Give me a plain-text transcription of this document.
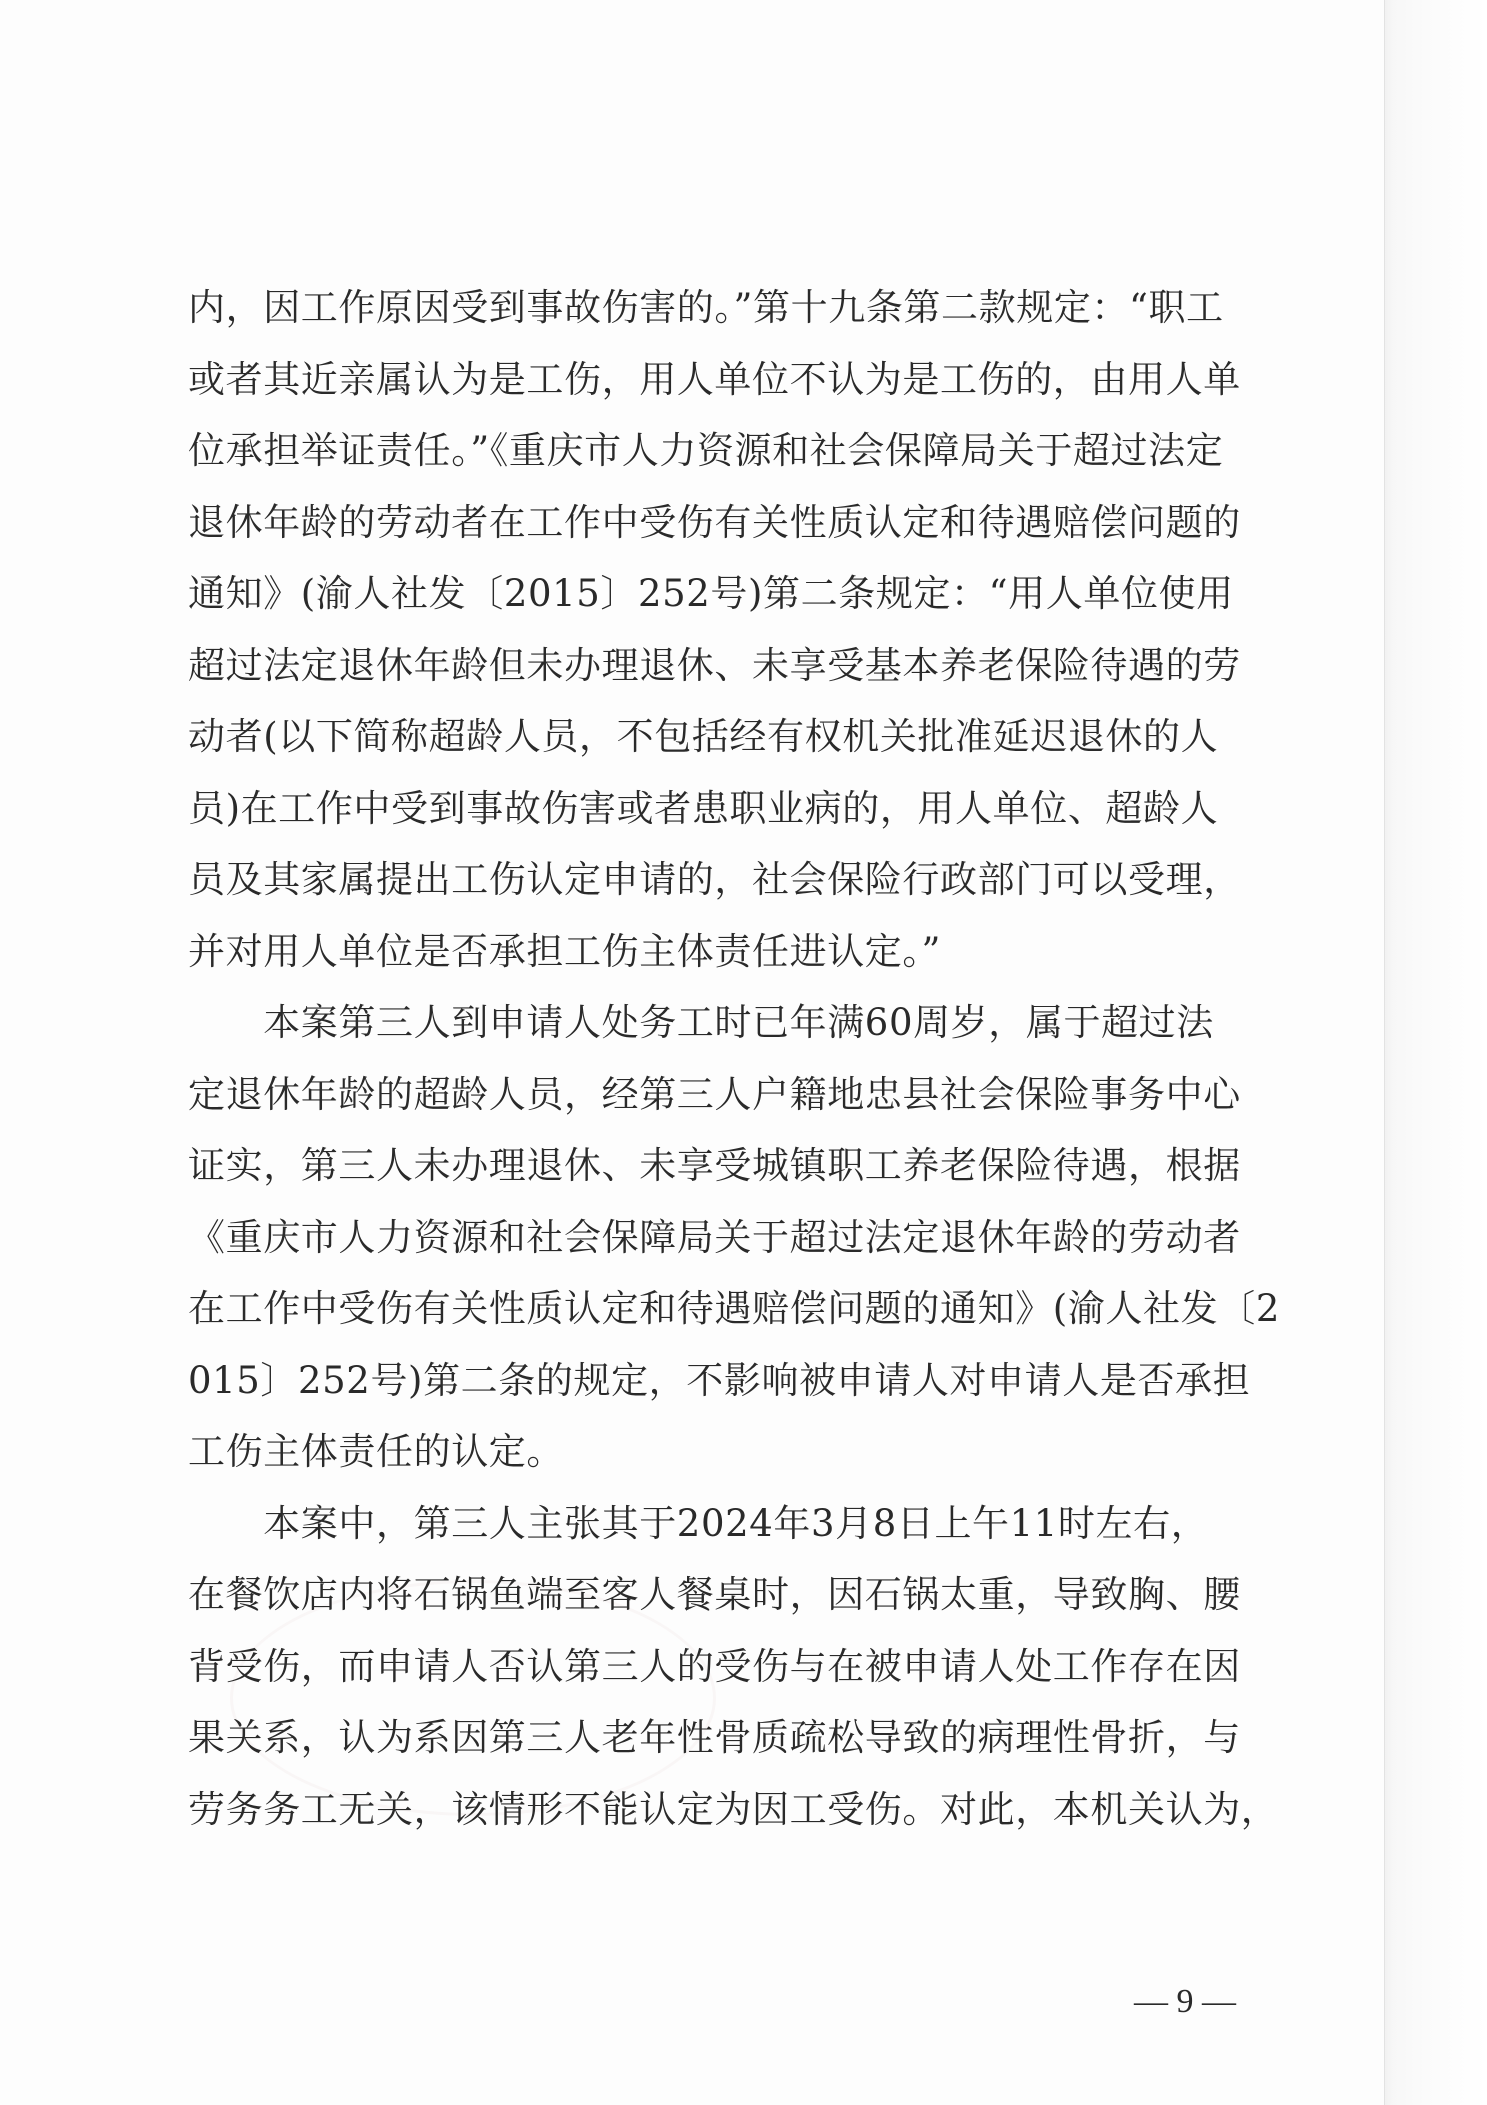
内，因工作原因受到事故伤害的。”第十九条第二款规定：“职工
或者其近亲属认为是工伤，用人单位不认为是工伤的，由用人单
位承担举证责任。”《重庆市人力资源和社会保障局关于超过法定
退休年龄的劳动者在工作中受伤有关性质认定和待遇赔偿问题的
通知》(渝人社发〔2015〕252号)第二条规定：“用人单位使用
超过法定退休年龄但未办理退休、未享受基本养老保险待遇的劳
动者(以下简称超龄人员，不包括经有权机关批准延迟退休的人
员)在工作中受到事故伤害或者患职业病的，用人单位、超龄人
员及其家属提出工伤认定申请的，社会保险行政部门可以受理，
并对用人单位是否承担工伤主体责任进认定。”
　　本案第三人到申请人处务工时已年满60周岁，属于超过法
定退休年龄的超龄人员，经第三人户籍地忠县社会保险事务中心
证实，第三人未办理退休、未享受城镇职工养老保险待遇，根据
《重庆市人力资源和社会保障局关于超过法定退休年龄的劳动者
在工作中受伤有关性质认定和待遇赔偿问题的通知》(渝人社发〔2
015〕252号)第二条的规定，不影响被申请人对申请人是否承担
工伤主体责任的认定。
　　本案中，第三人主张其于2024年3月8日上午11时左右，
在餐饮店内将石锅鱼端至客人餐桌时，因石锅太重，导致胸、腰
背受伤，而申请人否认第三人的受伤与在被申请人处工作存在因
果关系，认为系因第三人老年性骨质疏松导致的病理性骨折，与
劳务务工无关，该情形不能认定为因工受伤。对此，本机关认为，
— 9 —
